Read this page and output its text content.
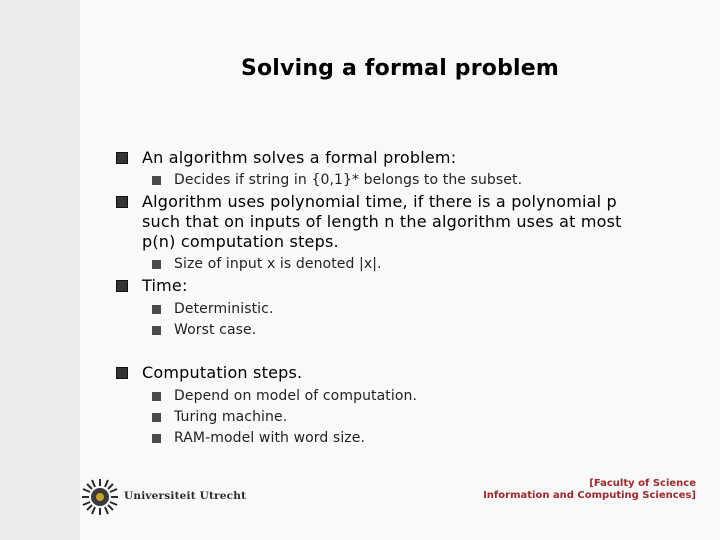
Solving a formal problem
An algorithm solves a formal problem:
Decides if string in {0,1}* belongs to the subset.
Algorithm uses polynomial time, if there is a polynomial p
such that on inputs of length n the algorithm uses at most
p(n) computation steps.
Size of input x is denoted |x|.
Time:
Deterministic.
Worst case.
Computation steps.
Depend on model of computation.
Turing machine.
RAM-model with word size.
Universiteit Utrecht
[Faculty of Science
Information and Computing Sciences]
